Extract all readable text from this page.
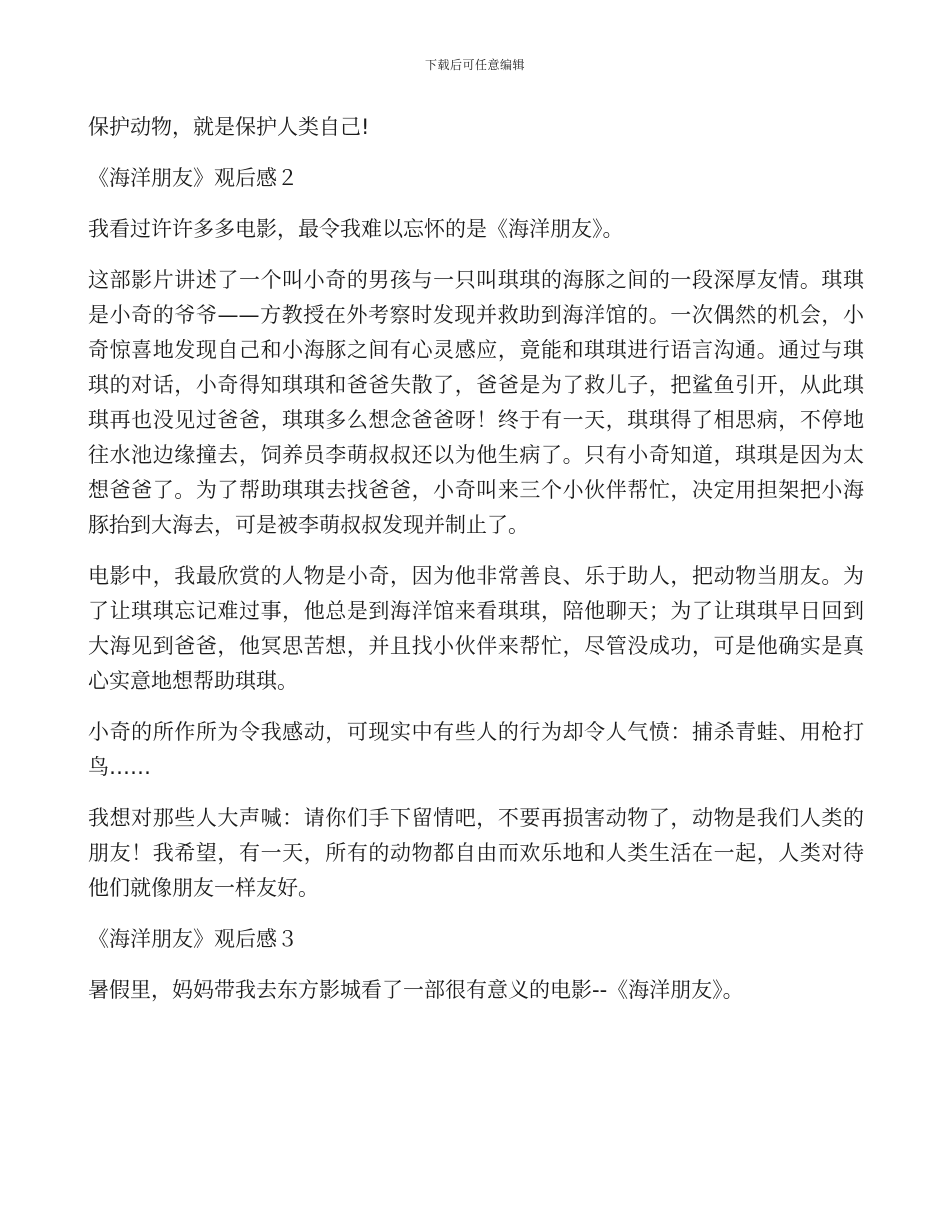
下载后可任意编辑

保护动物，就是保护人类自己!

《海洋朋友》观后感２

我看过许许多多电影，最令我难以忘怀的是《海洋朋友》。

这部影片讲述了一个叫小奇的男孩与一只叫琪琪的海豚之间的一段深厚友情。琪琪是小奇的爷爷——方教授在外考察时发现并救助到海洋馆的。一次偶然的机会，小奇惊喜地发现自己和小海豚之间有心灵感应，竟能和琪琪进行语言沟通。通过与琪琪的对话，小奇得知琪琪和爸爸失散了，爸爸是为了救儿子，把鲨鱼引开，从此琪琪再也没见过爸爸，琪琪多么想念爸爸呀！终于有一天，琪琪得了相思病，不停地往水池边缘撞去，饲养员李萌叔叔还以为他生病了。只有小奇知道，琪琪是因为太想爸爸了。为了帮助琪琪去找爸爸，小奇叫来三个小伙伴帮忙，决定用担架把小海豚抬到大海去，可是被李萌叔叔发现并制止了。

电影中，我最欣赏的人物是小奇，因为他非常善良、乐于助人，把动物当朋友。为了让琪琪忘记难过事，他总是到海洋馆来看琪琪，陪他聊天；为了让琪琪早日回到大海见到爸爸，他冥思苦想，并且找小伙伴来帮忙，尽管没成功，可是他确实是真心实意地想帮助琪琪。

小奇的所作所为令我感动，可现实中有些人的行为却令人气愤：捕杀青蛙、用枪打鸟……

我想对那些人大声喊：请你们手下留情吧，不要再损害动物了，动物是我们人类的朋友！我希望，有一天，所有的动物都自由而欢乐地和人类生活在一起，人类对待他们就像朋友一样友好。

《海洋朋友》观后感３

暑假里，妈妈带我去东方影城看了一部很有意义的电影--《海洋朋友》。
